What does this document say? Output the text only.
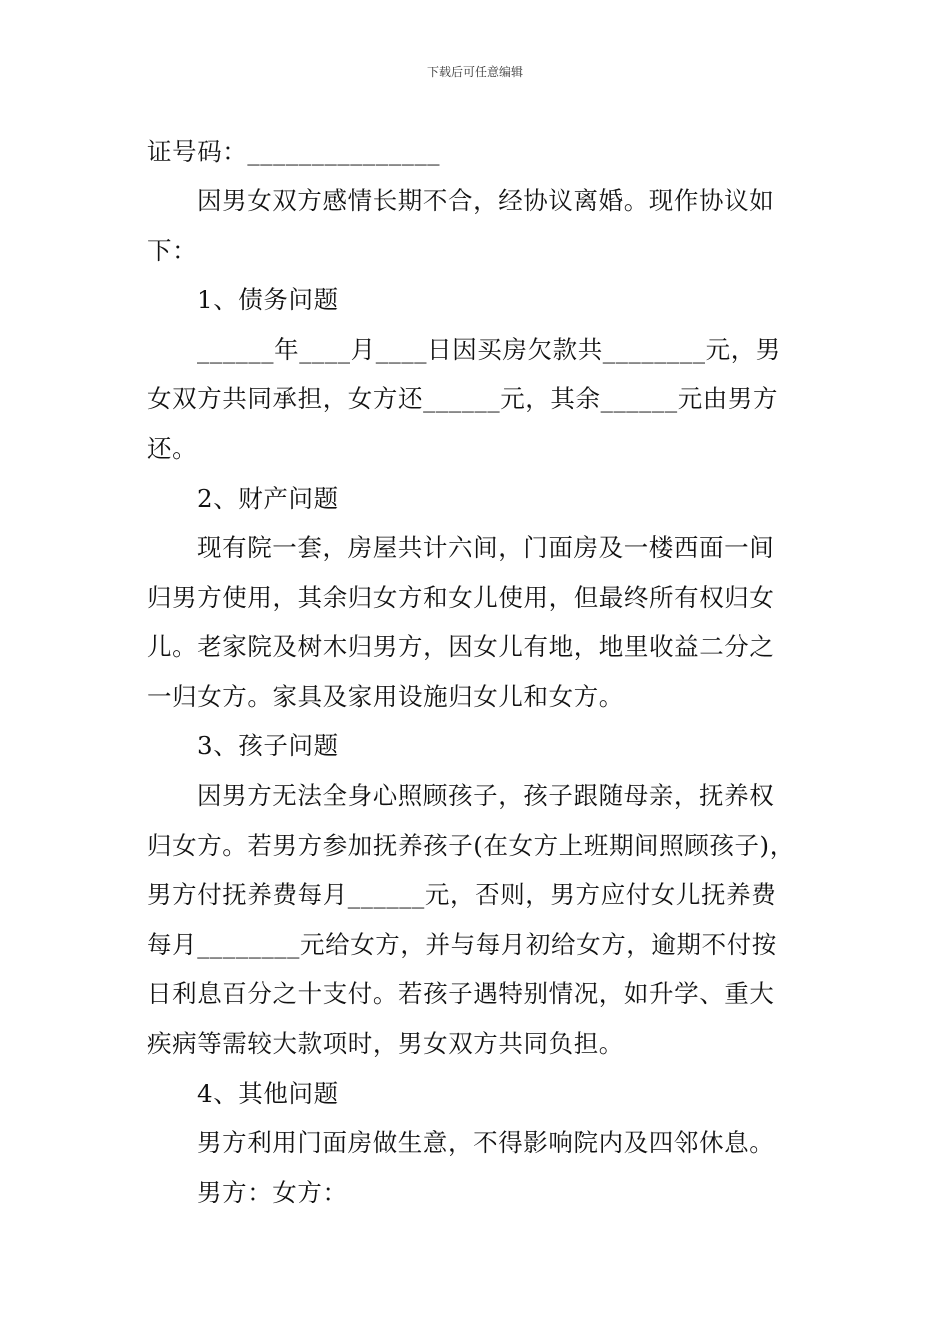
下载后可任意编辑
证号码：_______________
因男女双方感情长期不合，经协议离婚。现作协议如
下：
1、债务问题
______年____月____日因买房欠款共________元，男
女双方共同承担，女方还______元，其余______元由男方
还。
2、财产问题
现有院一套，房屋共计六间，门面房及一楼西面一间
归男方使用，其余归女方和女儿使用，但最终所有权归女
儿。老家院及树木归男方，因女儿有地，地里收益二分之
一归女方。家具及家用设施归女儿和女方。
3、孩子问题
因男方无法全身心照顾孩子，孩子跟随母亲，抚养权
归女方。若男方参加抚养孩子(在女方上班期间照顾孩子)，
男方付抚养费每月______元，否则，男方应付女儿抚养费
每月________元给女方，并与每月初给女方，逾期不付按
日利息百分之十支付。若孩子遇特别情况，如升学、重大
疾病等需较大款项时，男女双方共同负担。
4、其他问题
男方利用门面房做生意，不得影响院内及四邻休息。
男方：女方：
